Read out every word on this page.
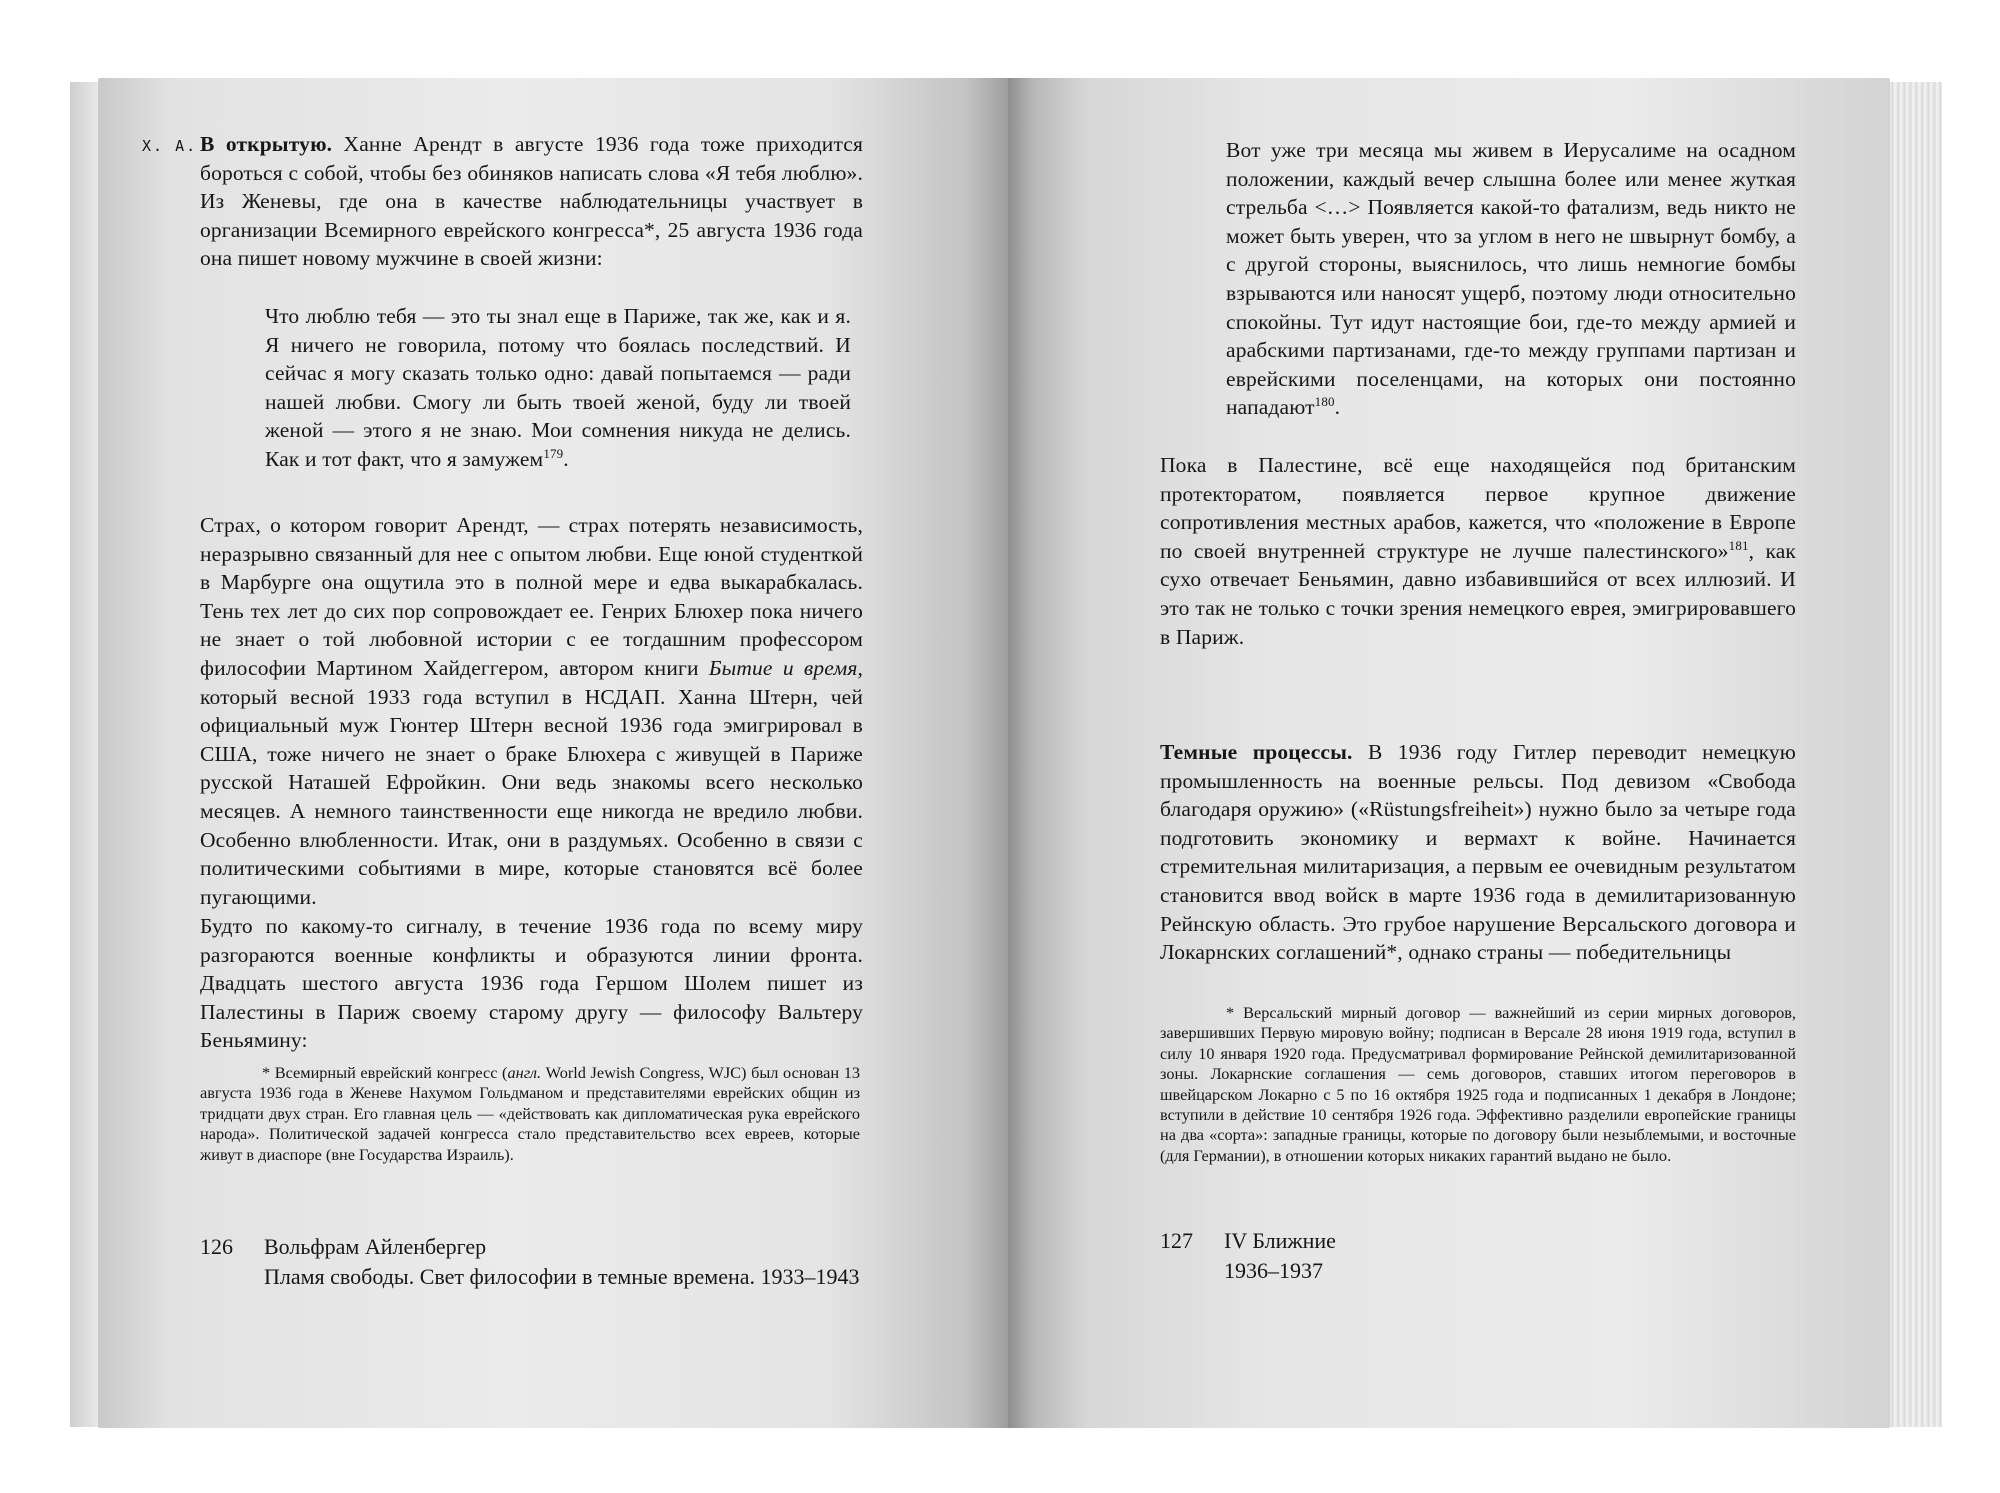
Х. А. В открытую. Ханне Арендт в августе 1936 года тоже приходится бороться с собой, чтобы без обиняков написать слова «Я тебя люблю». Из Женевы, где она в качестве наблюдательницы участвует в организации Всемирного еврейского конгресса*, 25 августа 1936 года она пишет новому мужчине в своей жизни:
Что люблю тебя — это ты знал еще в Париже, так же, как и я. Я ничего не говорила, потому что боялась последствий. И сейчас я могу сказать только одно: давай попытаемся — ради нашей любви. Смогу ли быть твоей женой, буду ли твоей женой — этого я не знаю. Мои сомнения никуда не делись. Как и тот факт, что я замужем$^{179}$.
Страх, о котором говорит Арендт, — страх потерять независимость, неразрывно связанный для нее с опытом любви. Еще юной студенткой в Марбурге она ощутила это в полной мере и едва выкарабкалась. Тень тех лет до сих пор сопровождает ее. Генрих Блюхер пока ничего не знает о той любовной истории с ее тогдашним профессором философии Мартином Хайдеггером, автором книги Бытие и время, который весной 1933 года вступил в НСДАП. Ханна Штерн, чей официальный муж Гюнтер Штерн весной 1936 года эмигрировал в США, тоже ничего не знает о браке Блюхера с живущей в Париже русской Наташей Ефройкин. Они ведь знакомы всего несколько месяцев. А немного таинственности еще никогда не вредило любви. Особенно влюбленности. Итак, они в раздумьях. Особенно в связи с политическими событиями в мире, которые становятся всё более пугающими.
Будто по какому-то сигналу, в течение 1936 года по всему миру разгораются военные конфликты и образуются линии фронта. Двадцать шестого августа 1936 года Гершом Шолем пишет из Палестины в Париж своему старому другу — философу Вальтеру Беньямину:
* Всемирный еврейский конгресс (англ. World Jewish Congress, WJC) был основан 13 августа 1936 года в Женеве Нахумом Гольдманом и представителями еврейских общин из тридцати двух стран. Его главная цель — «действовать как дипломатическая рука еврейского народа». Политической задачей конгресса стало представительство всех евреев, которые живут в диаспоре (вне Государства Израиль).
126 Вольфрам Айленбергер
Пламя свободы. Свет философии в темные времена. 1933–1943
Вот уже три месяца мы живем в Иерусалиме на осадном положении, каждый вечер слышна более или менее жуткая стрельба <…> Появляется какой-то фатализм, ведь никто не может быть уверен, что за углом в него не швырнут бомбу, а с другой стороны, выяснилось, что лишь немногие бомбы взрываются или наносят ущерб, поэтому люди относительно спокойны. Тут идут настоящие бои, где-то между армией и арабскими партизанами, где-то между группами партизан и еврейскими поселенцами, на которых они постоянно нападают$^{180}$.
Пока в Палестине, всё еще находящейся под британским протекторатом, появляется первое крупное движение сопротивления местных арабов, кажется, что «положение в Европе по своей внутренней структуре не лучше палестинского»$^{181}$, как сухо отвечает Беньямин, давно избавившийся от всех иллюзий. И это так не только с точки зрения немецкого еврея, эмигрировавшего в Париж.
Темные процессы. В 1936 году Гитлер переводит немецкую промышленность на военные рельсы. Под девизом «Свобода благодаря оружию» («Rüstungsfreiheit») нужно было за четыре года подготовить экономику и вермахт к войне. Начинается стремительная милитаризация, а первым ее очевидным результатом становится ввод войск в марте 1936 года в демилитаризованную Рейнскую область. Это грубое нарушение Версальского договора и Локарнских соглашений*, однако страны — победительницы
* Версальский мирный договор — важнейший из серии мирных договоров, завершивших Первую мировую войну; подписан в Версале 28 июня 1919 года, вступил в силу 10 января 1920 года. Предусматривал формирование Рейнской демилитаризованной зоны. Локарнские соглашения — семь договоров, ставших итогом переговоров в швейцарском Локарно с 5 по 16 октября 1925 года и подписанных 1 декабря в Лондоне; вступили в действие 10 сентября 1926 года. Эффективно разделили европейские границы на два «сорта»: западные границы, которые по договору были незыблемыми, и восточные (для Германии), в отношении которых никаких гарантий выдано не было.
127 IV Ближние
1936–1937
